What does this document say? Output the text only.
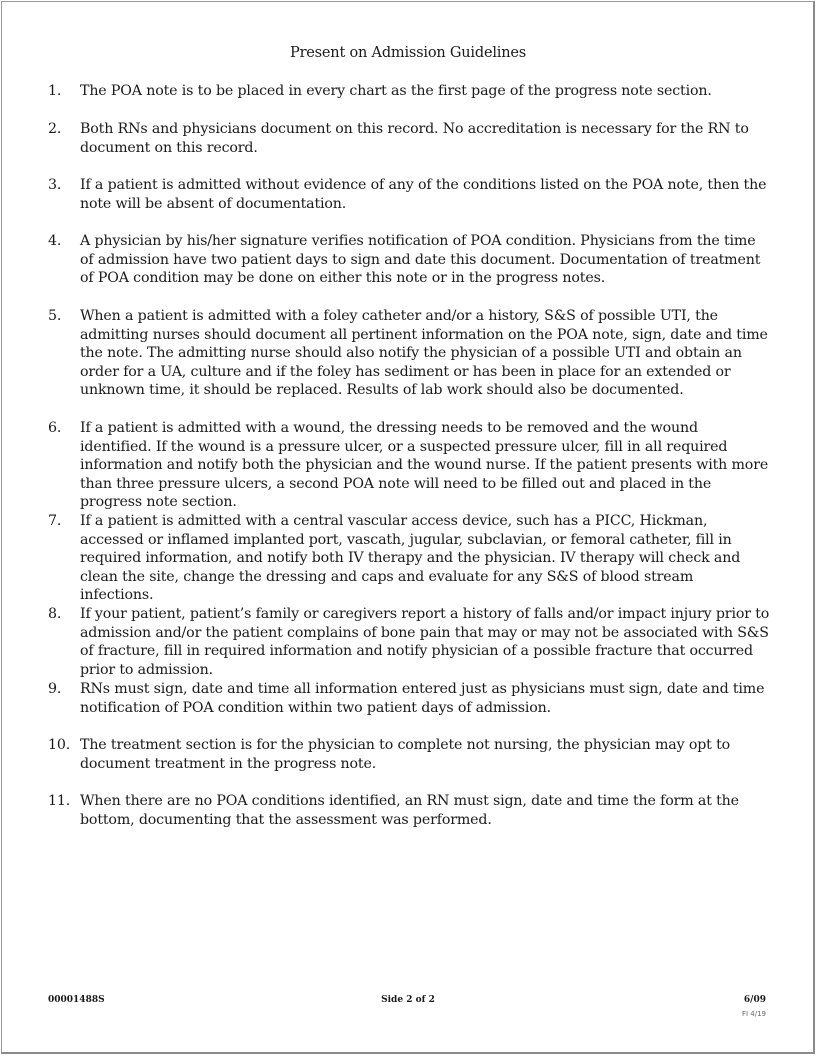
Present on Admission Guidelines
1. The POA note is to be placed in every chart as the first page of the progress note section.
2. Both RNs and physicians document on this record. No accreditation is necessary for the RN to document on this record.
3. If a patient is admitted without evidence of any of the conditions listed on the POA note, then the note will be absent of documentation.
4. A physician by his/her signature verifies notification of POA condition. Physicians from the time of admission have two patient days to sign and date this document. Documentation of treatment of POA condition may be done on either this note or in the progress notes.
5. When a patient is admitted with a foley catheter and/or a history, S&S of possible UTI, the admitting nurses should document all pertinent information on the POA note, sign, date and time the note. The admitting nurse should also notify the physician of a possible UTI and obtain an order for a UA, culture and if the foley has sediment or has been in place for an extended or unknown time, it should be replaced. Results of lab work should also be documented.
6. If a patient is admitted with a wound, the dressing needs to be removed and the wound identified. If the wound is a pressure ulcer, or a suspected pressure ulcer, fill in all required information and notify both the physician and the wound nurse. If the patient presents with more than three pressure ulcers, a second POA note will need to be filled out and placed in the progress note section.
7. If a patient is admitted with a central vascular access device, such has a PICC, Hickman, accessed or inflamed implanted port, vascath, jugular, subclavian, or femoral catheter, fill in required information, and notify both IV therapy and the physician. IV therapy will check and clean the site, change the dressing and caps and evaluate for any S&S of blood stream infections.
8. If your patient, patient’s family or caregivers report a history of falls and/or impact injury prior to admission and/or the patient complains of bone pain that may or may not be associated with S&S of fracture, fill in required information and notify physician of a possible fracture that occurred prior to admission.
9. RNs must sign, date and time all information entered just as physicians must sign, date and time notification of POA condition within two patient days of admission.
10. The treatment section is for the physician to complete not nursing, the physician may opt to document treatment in the progress note.
11. When there are no POA conditions identified, an RN must sign, date and time the form at the bottom, documenting that the assessment was performed.
00001488S	Side 2 of 2	6/09
FI 4/19
